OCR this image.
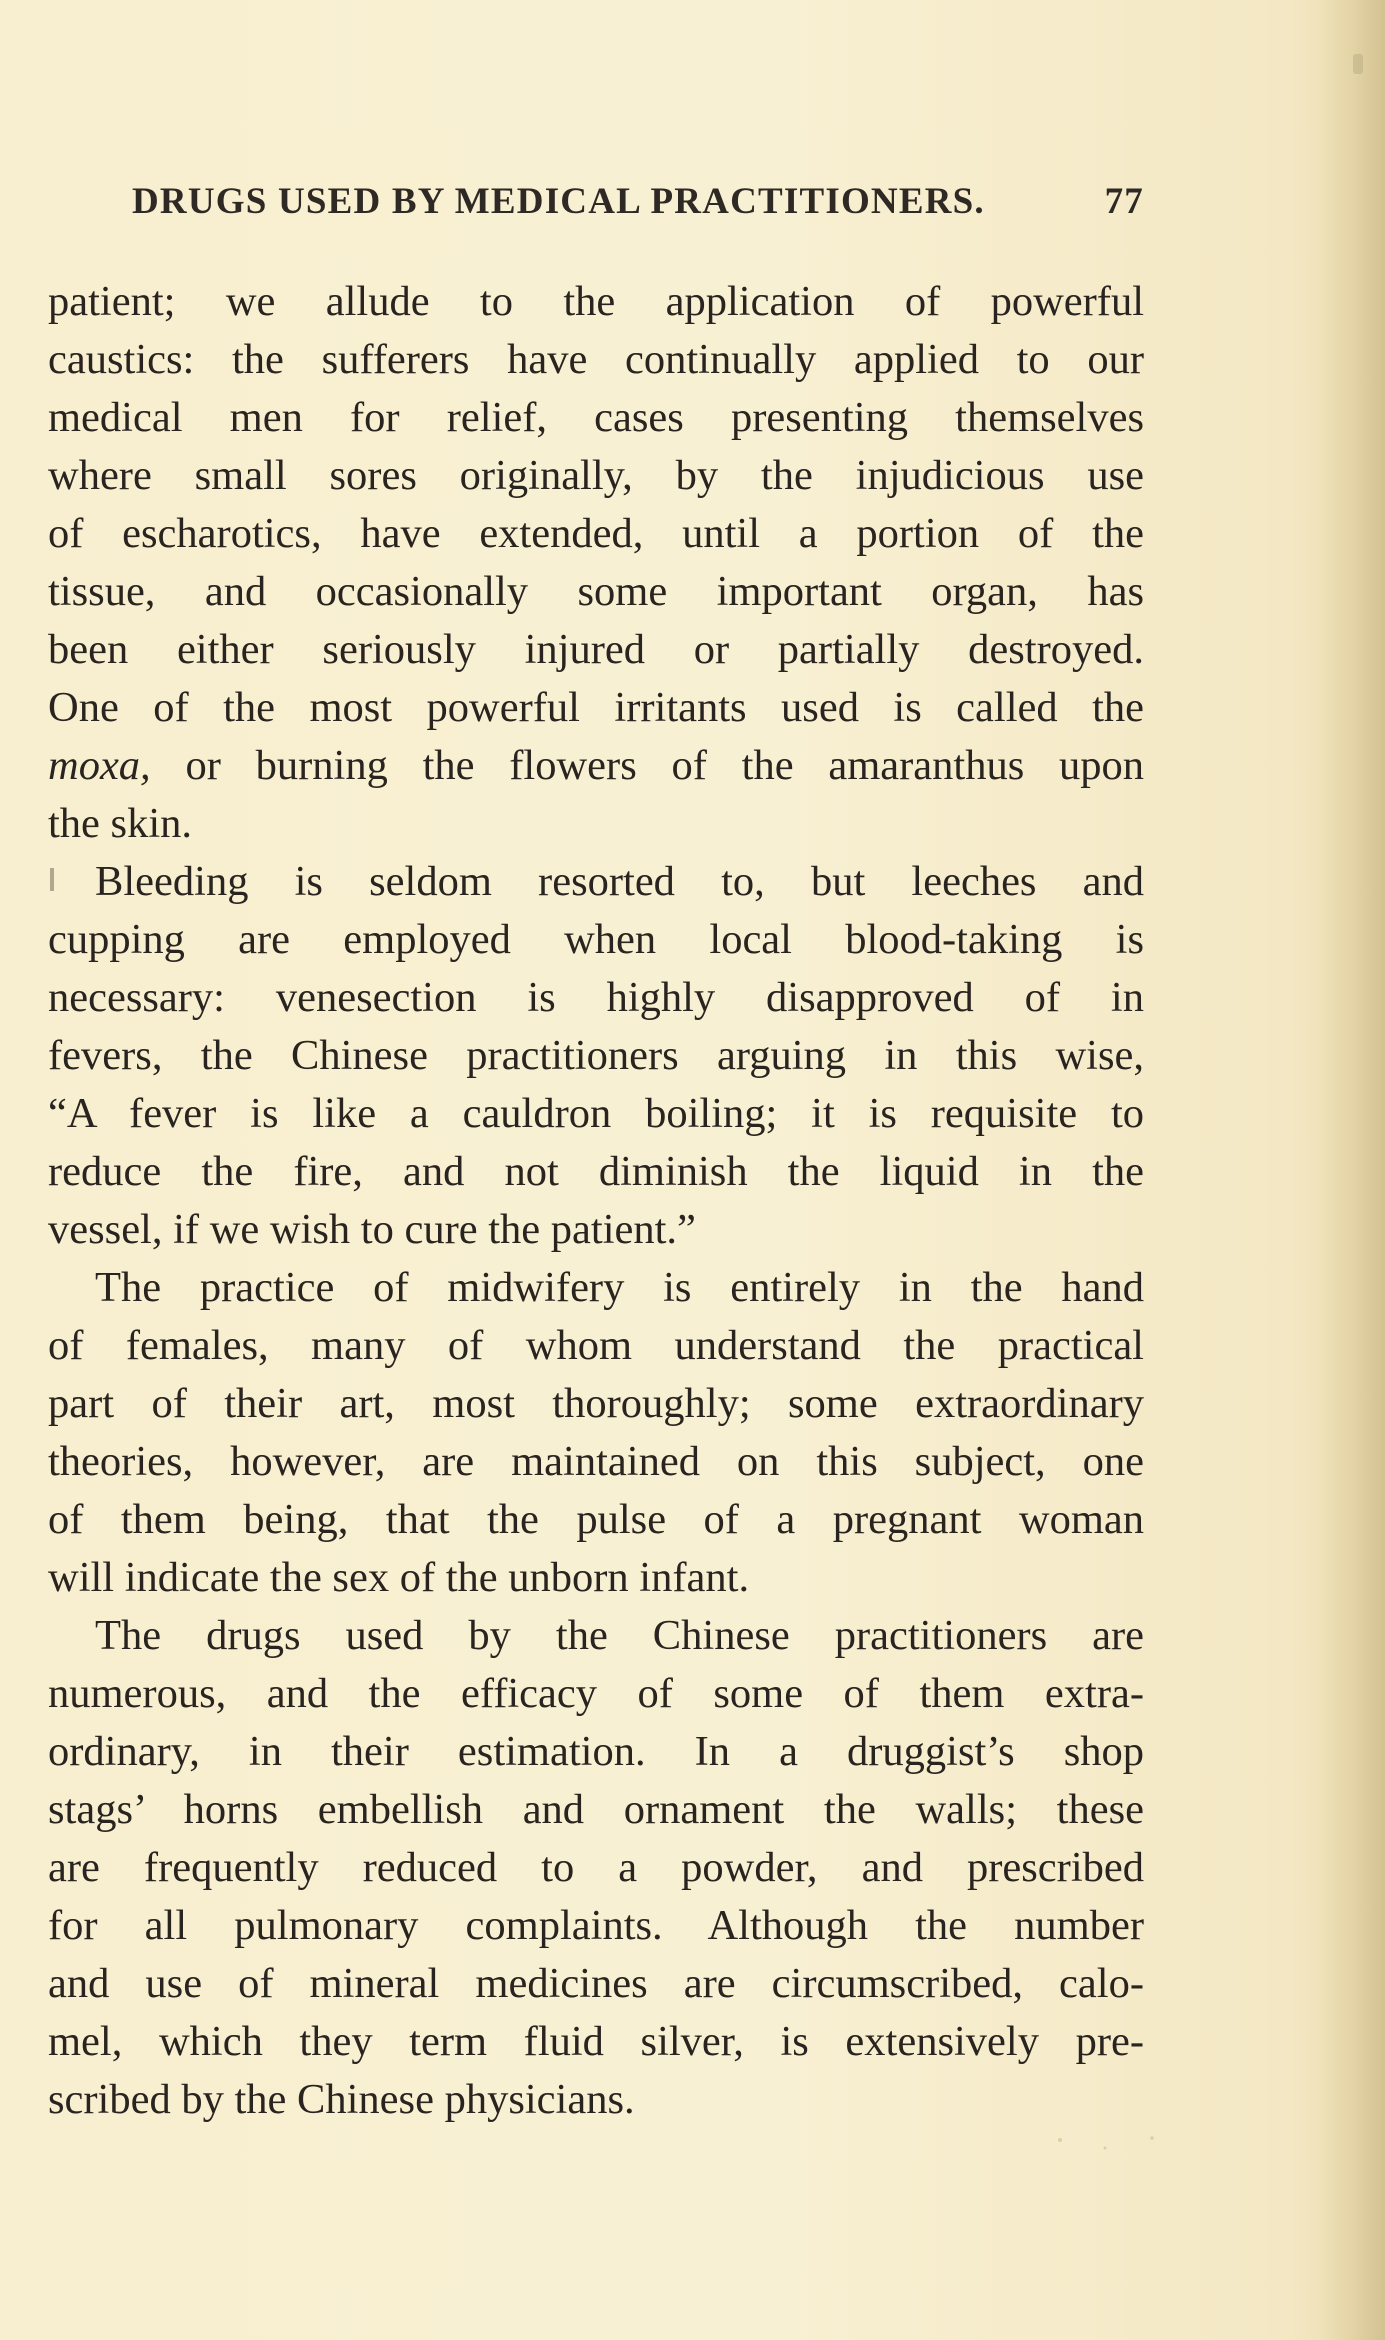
DRUGS USED BY MEDICAL PRACTITIONERS.	77

patient; we allude to the application of powerful
caustics: the sufferers have continually applied to our
medical men for relief, cases presenting themselves
where small sores originally, by the injudicious use
of escharotics, have extended, until a portion of the
tissue, and occasionally some important organ, has
been either seriously injured or partially destroyed.
One of the most powerful irritants used is called the
moxa, or burning the flowers of the amaranthus upon
the skin.

Bleeding is seldom resorted to, but leeches and
cupping are employed when local blood-taking is
necessary: venesection is highly disapproved of in
fevers, the Chinese practitioners arguing in this wise,
“A fever is like a cauldron boiling; it is requisite to
reduce the fire, and not diminish the liquid in the
vessel, if we wish to cure the patient.”

The practice of midwifery is entirely in the hand
of females, many of whom understand the practical
part of their art, most thoroughly; some extraordinary
theories, however, are maintained on this subject, one
of them being, that the pulse of a pregnant woman
will indicate the sex of the unborn infant.

The drugs used by the Chinese practitioners are
numerous, and the efficacy of some of them extra-
ordinary, in their estimation. In a druggist’s shop
stags’ horns embellish and ornament the walls; these
are frequently reduced to a powder, and prescribed
for all pulmonary complaints. Although the number
and use of mineral medicines are circumscribed, calo-
mel, which they term fluid silver, is extensively pre-
scribed by the Chinese physicians.
